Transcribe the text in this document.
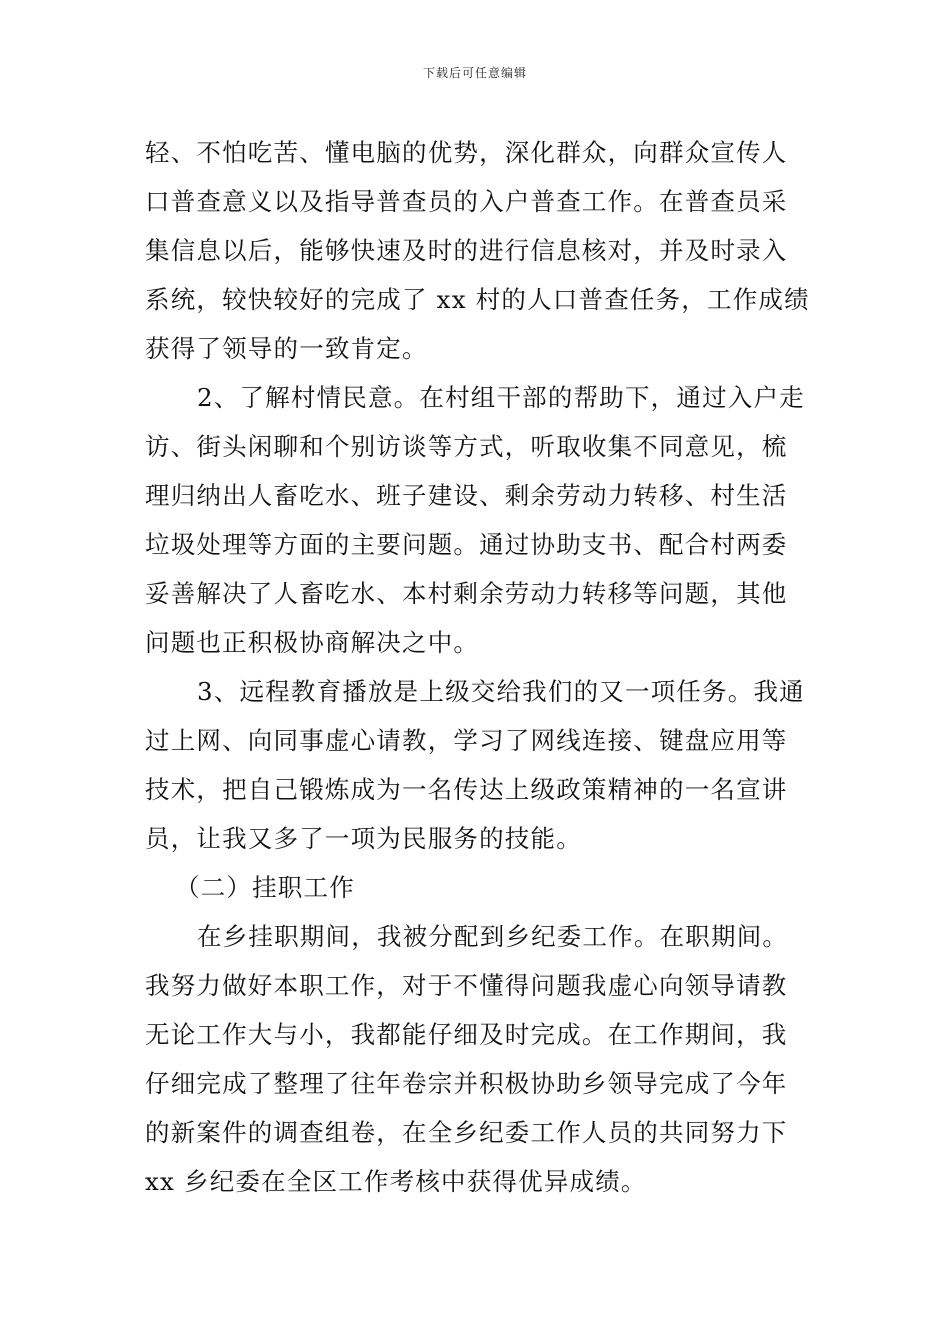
下载后可任意编辑
轻、不怕吃苦、懂电脑的优势，深化群众，向群众宣传人
口普查意义以及指导普查员的入户普查工作。在普查员采
集信息以后，能够快速及时的进行信息核对，并及时录入
系统，较快较好的完成了 xx 村的人口普查任务，工作成绩
获得了领导的一致肯定。
2、了解村情民意。在村组干部的帮助下，通过入户走
访、街头闲聊和个别访谈等方式，听取收集不同意见，梳
理归纳出人畜吃水、班子建设、剩余劳动力转移、村生活
垃圾处理等方面的主要问题。通过协助支书、配合村两委
妥善解决了人畜吃水、本村剩余劳动力转移等问题，其他
问题也正积极协商解决之中。
3、远程教育播放是上级交给我们的又一项任务。我通
过上网、向同事虚心请教，学习了网线连接、键盘应用等
技术，把自己锻炼成为一名传达上级政策精神的一名宣讲
员，让我又多了一项为民服务的技能。
（二）挂职工作
在乡挂职期间，我被分配到乡纪委工作。在职期间。
我努力做好本职工作，对于不懂得问题我虚心向领导请教
无论工作大与小，我都能仔细及时完成。在工作期间，我
仔细完成了整理了往年卷宗并积极协助乡领导完成了今年
的新案件的调查组卷，在全乡纪委工作人员的共同努力下
xx 乡纪委在全区工作考核中获得优异成绩。
